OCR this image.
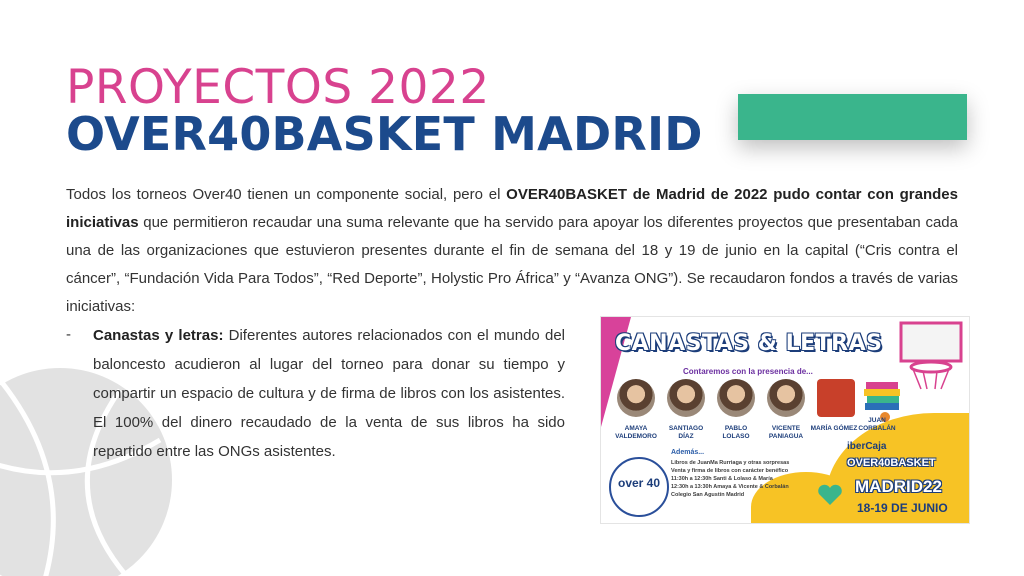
PROYECTOS 2022
OVER40BASKET MADRID

Todos los torneos Over40 tienen un componente social, pero el OVER40BASKET de Madrid de 2022 pudo contar con grandes iniciativas que permitieron recaudar una suma relevante que ha servido para apoyar los diferentes proyectos que presentaban cada una de las organizaciones que estuvieron presentes durante el fin de semana del 18 y 19 de junio en la capital (“Cris contra el cáncer”, “Fundación Vida Para Todos”, “Red Deporte”, Holystic Pro África” y “Avanza ONG”). Se recaudaron fondos a través de varias iniciativas:

- Canastas y letras: Diferentes autores relacionados con el mundo del baloncesto acudieron al lugar del torneo para donar su tiempo y compartir un espacio de cultura y de firma de libros con los asistentes. El 100% del dinero recaudado de la venta de sus libros ha sido repartido entre las ONGs asistentes.

CANASTAS & LETRAS
Contaremos con la presencia de...
AMAYA VALDEMORO
SANTIAGO DÍAZ
PABLO LOLASO
VICENTE PANIAGUA
MARÍA GÓMEZ
JUAN CORBALÁN
over 40
Además...
Libros de JuanMa Rurriaga y otras sorpresas
Venta y firma de libros con carácter benéfico
11:30h a 12:30h Santi & Lolaso & María
12:30h a 13:30h Amaya & Vicente & Corbalán
Colegio San Agustín Madrid
iberCaja
OVER40BASKET
MADRID22
18-19 DE JUNIO
